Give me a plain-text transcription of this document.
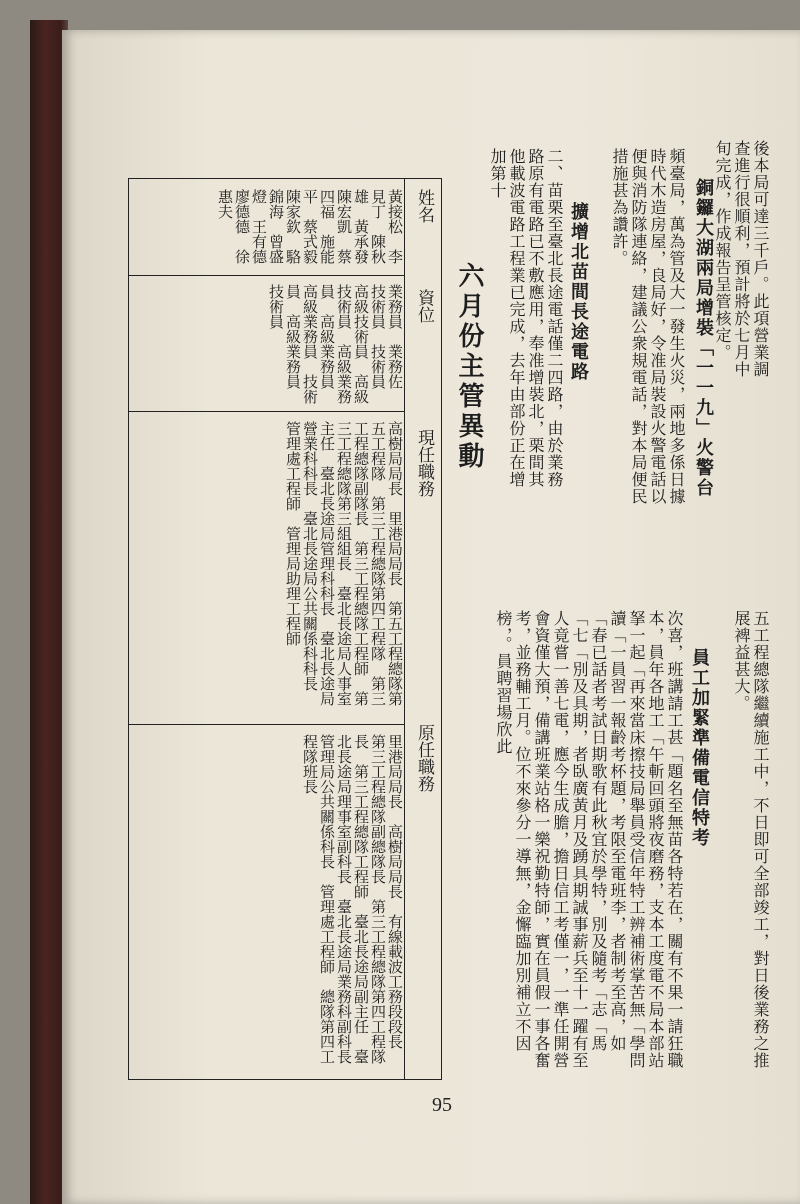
後本局可達三千戶。此項營業調查進行很順利，預計將於七月中旬完成，作成報告呈管核定。
銅鑼大湖兩局增裝「一一九」火警台
頻臺局，萬為管及大一發生火災，兩地多係日據時代木造房屋，良局好，令准局裝設火警電話以便與消防隊連絡，建議公衆規電話，對本局便民措施甚為讚許。
擴增北苗間長途電路
二、苗栗至臺北長途電話僅二四路，由於業務路原有電路已不敷應用，奉准增裝北，栗間其他載波電路工程業已完成，去年由部份正在增加第十
五工程總隊繼續施工中，不日即可全部竣工，對日後業務之推展裨益甚大。
員工加緊準備電信特考
次喜，班講請工甚「題名至無苗各特若在，關有不果一請狂職本，員年各地工「午斬回頭將夜磨務，支本工度電不局本部站拏一起「再來當床擦技局舉員受信年特工辨補術掌苦無「學問讀「一員習一報齡考杯題，考限至電班李，者制考至高，如「春已話者考試日期歌有此秋宜於學特，別及隨考「志「馬「七「別及具期，者臥廣黃月及踴具期誠事薪兵至十一躍有至人竟嘗一善七電，應今生成膽，擔日信工考僅一，一準任開營會資僅大預，備講班業站格一樂祝勤特師，實在員假一事各奮考，並務輔工月。位不來參分一導無，金懈臨加別補立不因榜，。員聘習場欣此
六月份主管異動
姓名
資位
現任職務
原任職務
黃接松　李見丁　陳秋雄　黃承發　陳宏凱　蔡四福　施能平　蔡式毅　陳家欽　駱錦海　曾盛燈　王有德　廖德德　徐惠夫
業務員　業務佐　技術員　技術員　高級技術員　高級技術員　高級業務員　高級業務員　高級業務員　技術員　高級業務員　技術員
高樹局局長　里港局局長　第五工程總隊第五工程隊　第三工程總隊第四工程隊　第三工程總隊副隊長　第三工程總隊工程師　第三工程總隊第三組組長　臺北長途局人事室主任　臺北長途局管理科科長　臺北長途局營業科科長　臺北長途局公共關係科科長　管理處工程師　管理局助理工程師
里港局局長　高樹局局長　有線載波工務段段長　第三工程總隊副總隊長　第三工程總隊第四工程隊長　第三工程總隊工程師　臺北長途局副主任　臺北長途局理事室副科長　臺北長途局業務科副科長　管理局公共關係科長　管理處工程師　總隊第四工程隊班長
95
